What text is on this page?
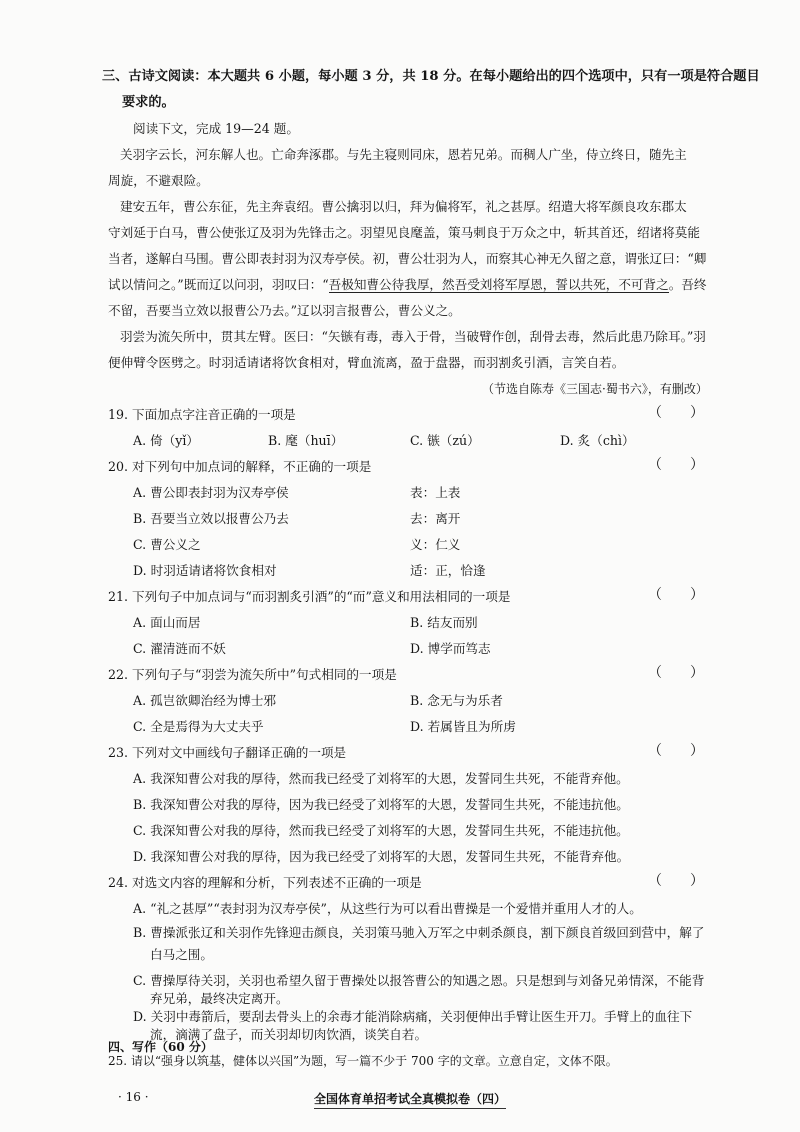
三、古诗文阅读：本大题共 6 小题，每小题 3 分，共 18 分。在每小题给出的四个选项中，只有一项是符合题目
要求的。
阅读下文，完成 19—24 题。
关羽字云长，河东解人也。亡命奔涿郡。与先主寝则同床，恩若兄弟。而稠人广坐，侍立终日，随先主
周旋，不避艰险。
建安五年，曹公东征，先主奔袁绍。曹公擒羽以归，拜为偏将军，礼之甚厚。绍遣大将军颜良攻东郡太
守刘延于白马，曹公使张辽及羽为先锋击之。羽望见良麾盖，策马刺良于万众之中，斩其首还，绍诸将莫能
当者，遂解白马围。曹公即表封羽为汉寿亭侯。初，曹公壮羽为人，而察其心神无久留之意，谓张辽曰：“卿
试以情问之。”既而辽以问羽，羽叹曰：“吾极知曹公待我厚，然吾受刘将军厚恩，誓以共死，不可背之。吾终
不留，吾要当立效以报曹公乃去。”辽以羽言报曹公，曹公义之。
羽尝为流矢所中，贯其左臂。医曰：“矢镞有毒，毒入于骨，当破臂作创，刮骨去毒，然后此患乃除耳。”羽
便伸臂令医劈之。时羽适请诸将饮食相对，臂血流离，盈于盘器，而羽割炙引酒，言笑自若。
（节选自陈寿《三国志·蜀书六》，有删改）
19. 下面加点字注音正确的一项是	（　　）
A. 倚（yǐ）	B. 麾（huī）	C. 镞（zú）	D. 炙（chì）
20. 对下列句中加点词的解释，不正确的一项是	（　　）
A. 曹公即表封羽为汉寿亭侯	表：上表
B. 吾要当立效以报曹公乃去	去：离开
C. 曹公义之	义：仁义
D. 时羽适请诸将饮食相对	适：正，恰逢
21. 下列句子中加点词与“而羽割炙引酒”的“而”意义和用法相同的一项是	（　　）
A. 面山而居	B. 结友而别
C. 濯清涟而不妖	D. 博学而笃志
22. 下列句子与“羽尝为流矢所中”句式相同的一项是	（　　）
A. 孤岂欲卿治经为博士邪	B. 念无与为乐者
C. 全是焉得为大丈夫乎	D. 若属皆且为所虏
23. 下列对文中画线句子翻译正确的一项是	（　　）
A. 我深知曹公对我的厚待，然而我已经受了刘将军的大恩，发誓同生共死，不能背弃他。
B. 我深知曹公对我的厚待，因为我已经受了刘将军的大恩，发誓同生共死，不能违抗他。
C. 我深知曹公对我的厚待，然而我已经受了刘将军的大恩，发誓同生共死，不能违抗他。
D. 我深知曹公对我的厚待，因为我已经受了刘将军的大恩，发誓同生共死，不能背弃他。
24. 对选文内容的理解和分析，下列表述不正确的一项是	（　　）
A. “礼之甚厚”“表封羽为汉寿亭侯”，从这些行为可以看出曹操是一个爱惜并重用人才的人。
B. 曹操派张辽和关羽作先锋迎击颜良，关羽策马驰入万军之中刺杀颜良，割下颜良首级回到营中，解了
白马之围。
C. 曹操厚待关羽，关羽也希望久留于曹操处以报答曹公的知遇之恩。只是想到与刘备兄弟情深，不能背
弃兄弟，最终决定离开。
· 16 ·	全国体育单招考试全真模拟卷（四）
D. 关羽中毒箭后，要刮去骨头上的余毒才能消除病痛，关羽便伸出手臂让医生开刀。手臂上的血往下
流，滴满了盘子，而关羽却切肉饮酒，谈笑自若。
四、写作（60 分）
25. 请以“强身以筑基，健体以兴国”为题，写一篇不少于 700 字的文章。立意自定，文体不限。
